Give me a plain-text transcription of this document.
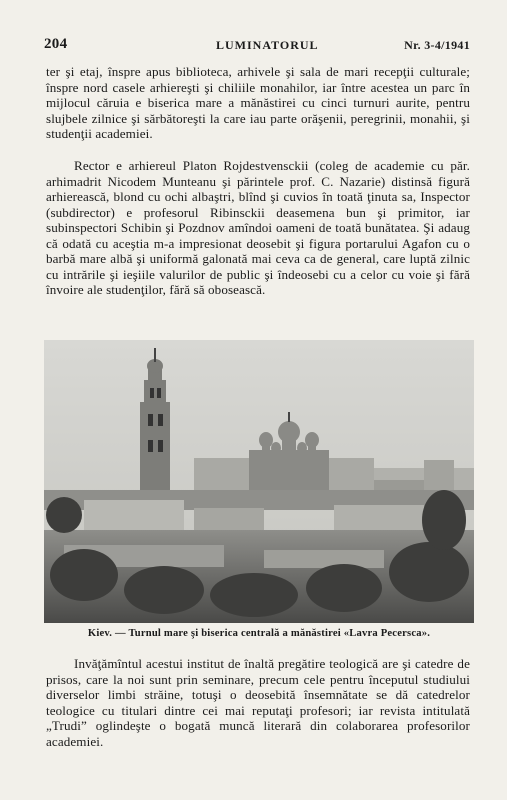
204	LUMINATORUL	Nr. 3-4/1941
ter şi etaj, înspre apus biblioteca, arhivele şi sala de mari recepţii culturale; înspre nord casele arhiereşti şi chiliile monahilor, iar între acestea un parc în mijlocul căruia e biserica mare a mănăstirei cu cinci turnuri aurite, pentru slujbele zilnice şi sărbătoreşti la care iau parte orăşenii, peregrinii, monahii, şi studenţii academiei.
Rector e arhiereul Platon Rojdestvensckii (coleg de academie cu păr. arhimadrit Nicodem Munteanu şi părintele prof. C. Nazarie) distinsă figură arhierească, blond cu ochi albaştri, blînd şi cuvios în toată ţinuta sa, Inspector (subdirector) e profesorul Ribinsckii deasemena bun şi primitor, iar subinspectori Schibin şi Pozdnov amîndoi oameni de toată bunătatea. Şi adaug că odată cu aceştia m-a impresionat deosebit şi figura portarului Agafon cu o barbă mare albă şi uniformă galonată mai ceva ca de general, care luptă zilnic cu intrările şi ieşiile valurilor de public şi îndeosebi cu a celor cu voie şi fără învoire ale studenţilor, fără să obosească.
Kiev. — Turnul mare şi biserica centrală a mănăstirei «Lavra Pecersca».
Invăţămîntul acestui institut de înaltă pregătire teologică are şi catedre de prisos, care la noi sunt prin seminare, precum cele pentru începutul studiului diverselor limbi străine, totuşi o deosebită însemnătate se dă catedrelor teologice cu titulari dintre cei mai reputaţi profesori; iar revista intitulată „Trudi” oglindeşte o bogată muncă literară din colaborarea profesorilor academiei.
